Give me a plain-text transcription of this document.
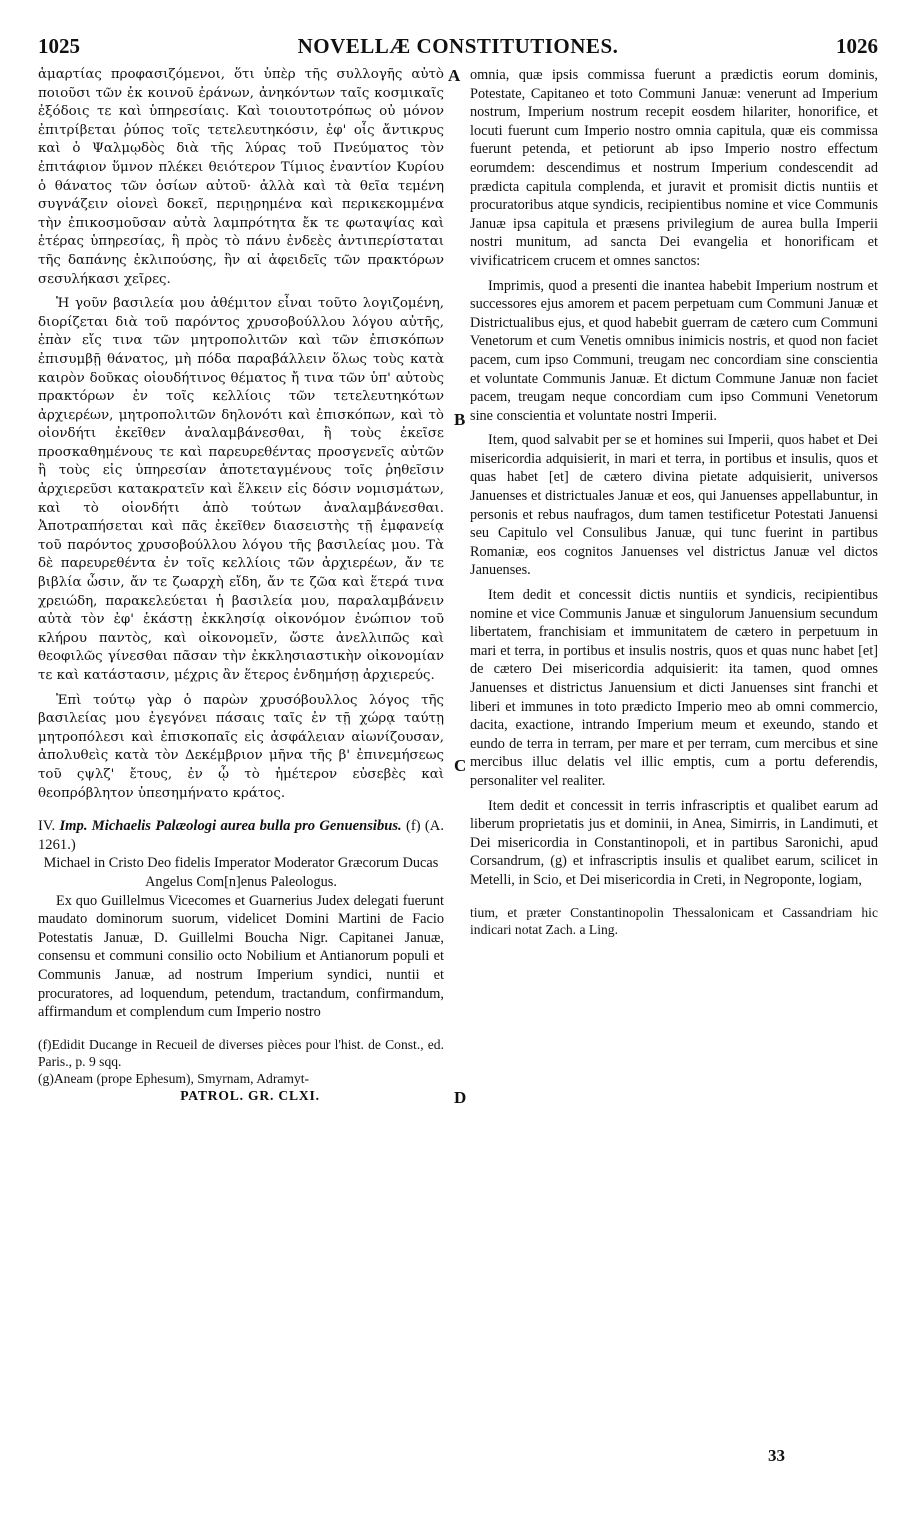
1025	NOVELLÆ CONSTITUTIONES.	1026
A
B
C
D

ἁμαρτίας προφασιζόμενοι, ὅτι ὑπὲρ τῆς συλλογῆς αὐτὸ ποιοῦσι τῶν ἐκ κοινοῦ ἐράνων, ἀνηκόντων ταῖς κοσμικαῖς ἐξόδοις τε καὶ ὑπηρεσίαις. Καὶ τοιουτοτρόπως οὐ μόνον ἐπιτρίβεται ῥύπος τοῖς τετελευτηκόσιν, ἐφ' οἷς ἄντικρυς καὶ ὁ Ψαλμῳδὸς διὰ τῆς λύρας τοῦ Πνεύματος τὸν ἐπιτάφιον ὕμνον πλέκει θειότερον Τίμιος ἐναντίον Κυρίου ὁ θάνατος τῶν ὁσίων αὐτοῦ· ἀλλὰ καὶ τὰ θεῖα τεμένη συγνάζειν οἱονεὶ δοκεῖ, περιῃρημένα καὶ περικεκομμένα τὴν ἐπικοσμοῦσαν αὐτὰ λαμπρότητα ἔκ τε φωταψίας καὶ ἑτέρας ὑπηρεσίας, ἣ πρὸς τὸ πάνυ ἐνδεὲς ἀντιπερίσταται τῆς δαπάνης ἐκλιπούσης, ἣν αἱ ἀφειδεῖς τῶν πρακτόρων σεσυλήκασι χεῖρες.

Ἡ γοῦν βασιλεία μου ἀθέμιτον εἶναι τοῦτο λογιζομένη, διορίζεται διὰ τοῦ παρόντος χρυσοβούλλου λόγου αὐτῆς, ἐπὰν εἴς τινα τῶν μητροπολιτῶν καὶ τῶν ἐπισκόπων ἐπισυμβῇ θάνατος, μὴ πόδα παραβάλλειν ὅλως τοὺς κατὰ καιρὸν δοῦκας οἱουδήτινος θέματος ἤ τινα τῶν ὑπ' αὐτοὺς πρακτόρων ἐν τοῖς κελλίοις τῶν τετελευτηκότων ἀρχιερέων, μητροπολιτῶν δηλονότι καὶ ἐπισκόπων, καὶ τὸ οἱονδήτι ἐκεῖθεν ἀναλαμβάνεσθαι, ἢ τοὺς ἐκεῖσε προσκαθημένους τε καὶ παρευρεθέντας προσγενεῖς αὐτῶν ἢ τοὺς εἰς ὑπηρεσίαν ἀποτεταγμένους τοῖς ῥηθεῖσιν ἀρχιερεῦσι κατακρατεῖν καὶ ἕλκειν εἰς δόσιν νομισμάτων, καὶ τὸ οἱονδήτι ἀπὸ τούτων ἀναλαμβάνεσθαι. Ἀποτραπήσεται καὶ πᾶς ἐκεῖθεν διασειστὴς τῇ ἐμφανείᾳ τοῦ παρόντος χρυσοβούλλου λόγου τῆς βασιλείας μου. Τὰ δὲ παρευρεθέντα ἐν τοῖς κελλίοις τῶν ἀρχιερέων, ἄν τε βιβλία ὦσιν, ἄν τε ζωαρχὴ εἴδη, ἄν τε ζῶα καὶ ἕτερά τινα χρειώδη, παρακελεύεται ἡ βασιλεία μου, παραλαμβάνειν αὐτὰ τὸν ἐφ' ἑκάστῃ ἐκκλησίᾳ οἰκονόμον ἐνώπιον τοῦ κλήρου παντὸς, καὶ οἰκονομεῖν, ὥστε ἀνελλιπῶς καὶ θεοφιλῶς γίνεσθαι πᾶσαν τὴν ἐκκλησιαστικὴν οἰκονομίαν τε καὶ κατάστασιν, μέχρις ἂν ἕτερος ἐνδημήσῃ ἀρχιερεύς.

Ἐπὶ τούτῳ γὰρ ὁ παρὼν χρυσόβουλλος λόγος τῆς βασιλείας μου ἐγεγόνει πάσαις ταῖς ἐν τῇ χώρᾳ ταύτῃ μητροπόλεσι καὶ ἐπισκοπαῖς εἰς ἀσφάλειαν αἰωνίζουσαν, ἀπολυθεὶς κατὰ τὸν Δεκέμβριον μῆνα τῆς β' ἐπινεμήσεως τοῦ ςψλζ' ἔτους, ἐν ᾧ τὸ ἡμέτερον εὐσεβὲς καὶ θεοπρόβλητον ὑπεσημήνατο κράτος.

IV. Imp. Michaelis Palæologi aurea bulla pro Genuensibus. (f) (A. 1261.)

Michael in Cristo Deo fidelis Imperator Moderator Græcorum Ducas Angelus Com[n]enus Paleologus.

Ex quo Guillelmus Vicecomes et Guarnerius Judex delegati fuerunt maudato dominorum suorum, videlicet Domini Martini de Facio Potestatis Januæ, D. Guillelmi Boucha Nigr. Capitanei Januæ, consensu et communi consilio octo Nobilium et Antianorum populi et Communis Januæ, ad nostrum Imperium syndici, nuntii et procuratores, ad loquendum, petendum, tractandum, confirmandum, affirmandum et complendum cum Imperio nostro

(f)Edidit Ducange in Recueil de diverses pièces pour l'hist. de Const., ed. Paris., p. 9 sqq.

(g)Aneam (prope Ephesum), Smyrnam, Adramyt-

PATROL. GR. CLXI.

omnia, quæ ipsis commissa fuerunt a prædictis eorum dominis, Potestate, Capitaneo et toto Communi Januæ: venerunt ad Imperium nostrum, Imperium nostrum recepit eosdem hilariter, honorifice, et locuti fuerunt cum Imperio nostro omnia capitula, quæ eis commissa fuerunt petenda, et petiorunt ab ipso Imperio nostro effectum eorumdem: descendimus et nostrum Imperium condescendit ad prædicta capitula complenda, et juravit et promisit dictis nuntiis et procuratoribus atque syndicis, recipientibus nomine et vice Communis Januæ ipsa capitula et præsens privilegium de aurea bulla Imperii nostri munitum, ad sancta Dei evangelia et honorificam et vivificatricem crucem et omnes sanctos:

Imprimis, quod a presenti die inantea habebit Imperium nostrum et successores ejus amorem et pacem perpetuam cum Communi Januæ et Districtualibus ejus, et quod habebit guerram de cætero cum Communi Venetorum et cum Venetis omnibus inimicis nostris, et quod non faciet pacem, cum ipso Communi, treugam nec concordiam sine conscientia et voluntate Communis Januæ. Et dictum Commune Januæ non faciet pacem, treugam neque concordiam cum ipso Communi Venetorum sine conscientia et voluntate nostri Imperii.

Item, quod salvabit per se et homines sui Imperii, quos habet et Dei misericordia adquisierit, in mari et terra, in portibus et insulis, quos et quas habet [et] de cætero divina pietate adquisierit, universos Januenses et districtuales Januæ et eos, qui Januenses appellabuntur, in personis et rebus naufragos, dum tamen testificetur Potestati Januensi seu Capitulo vel Consulibus Januæ, qui tunc fuerint in partibus Romaniæ, eos cognitos Januenses vel districtus Januæ vel dictos Januenses.

Item dedit et concessit dictis nuntiis et syndicis, recipientibus nomine et vice Communis Januæ et singulorum Januensium secundum libertatem, franchisiam et immunitatem de cætero in perpetuum in mari et terra, in portibus et insulis nostris, quos et quas nunc habet [et] de cætero Dei misericordia adquisierit: ita tamen, quod omnes Januenses et districtus Januensium et dicti Januenses sint franchi et liberi et immunes in toto prædicto Imperio meo ab omni commercio, dacita, exactione, intrando Imperium meum et exeundo, stando et eundo de terra in terram, per mare et per terram, cum mercibus et sine mercibus illuc delatis vel illic emptis, cum a portu deferendis, personaliter vel realiter.

Item dedit et concessit in terris infrascriptis et qualibet earum ad liberum proprietatis jus et dominii, in Anea, Simirris, in Landimuti, et Dei misericordia in Constantinopoli, et in partibus Saronichi, apud Corsandrum, (g) et infrascriptis insulis et qualibet earum, scilicet in Metelli, in Scio, et Dei misericordia in Creti, in Negroponte, logiam,

tium, et præter Constantinopolin Thessalonicam et Cassandriam hic indicari notat Zach. a Ling.

33
